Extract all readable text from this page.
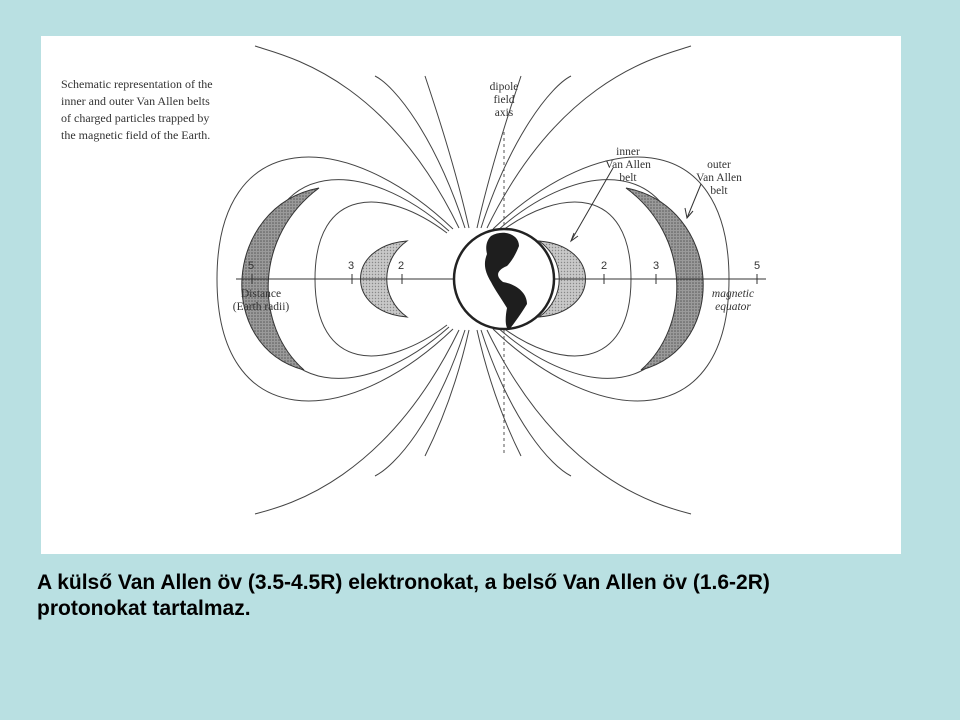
Schematic representation of the inner and outer Van Allen belts of charged particles trapped by the magnetic field of the Earth.
dipole
field
axis
inner
Van Allen
belt
outer
Van Allen
belt
Distance
(Earth radii)
magnetic
equator
5	3	2	2	3	5
A külső Van Allen öv (3.5-4.5R) elektronokat, a belső Van Allen öv (1.6-2R)
protonokat tartalmaz.
